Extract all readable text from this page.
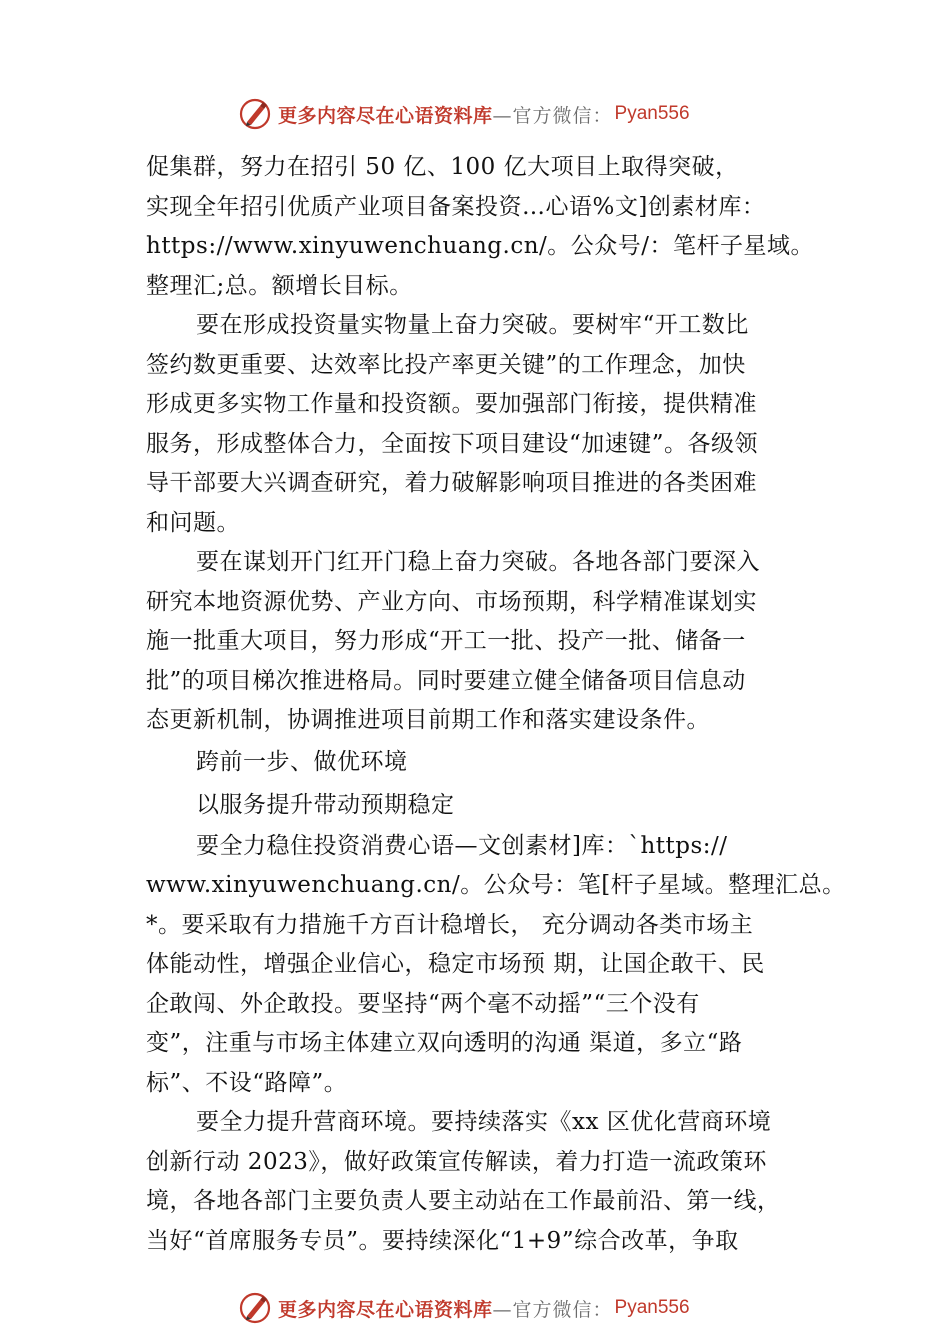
更多内容尽在心语资料库 —官方微信： Pyan556
促集群，努力在招引 50 亿、100 亿大项目上取得突破，
实现全年招引优质产业项目备案投资…心语%文]创素材库：
https://www.xinyuwenchuang.cn/。公众号/：笔杆子星域。
整理汇;总。额增长目标。
要在形成投资量实物量上奋力突破。要树牢“开工数比
签约数更重要、达效率比投产率更关键”的工作理念，加快
形成更多实物工作量和投资额。要加强部门衔接，提供精准
服务，形成整体合力，全面按下项目建设“加速键”。各级领
导干部要大兴调查研究，着力破解影响项目推进的各类困难
和问题。
要在谋划开门红开门稳上奋力突破。各地各部门要深入
研究本地资源优势、产业方向、市场预期，科学精准谋划实
施一批重大项目，努力形成“开工一批、投产一批、储备一
批”的项目梯次推进格局。同时要建立健全储备项目信息动
态更新机制，协调推进项目前期工作和落实建设条件。
跨前一步、做优环境
以服务提升带动预期稳定
要全力稳住投资消费心语—文创素材]库：`https://
www.xinyuwenchuang.cn/。公众号：笔[杆子星域。整理汇总。
*。要采取有力措施千方百计稳增长， 充分调动各类市场主
体能动性，增强企业信心，稳定市场预 期，让国企敢干、民
企敢闯、外企敢投。要坚持“两个毫不动摇”“三个没有
变”，注重与市场主体建立双向透明的沟通 渠道，多立“路
标”、不设“路障”。
要全力提升营商环境。要持续落实《xx 区优化营商环境
创新行动 2023》，做好政策宣传解读，着力打造一流政策环
境，各地各部门主要负责人要主动站在工作最前沿、第一线，
当好“首席服务专员”。要持续深化“1+9”综合改革，争取
更多内容尽在心语资料库 —官方微信： Pyan556
